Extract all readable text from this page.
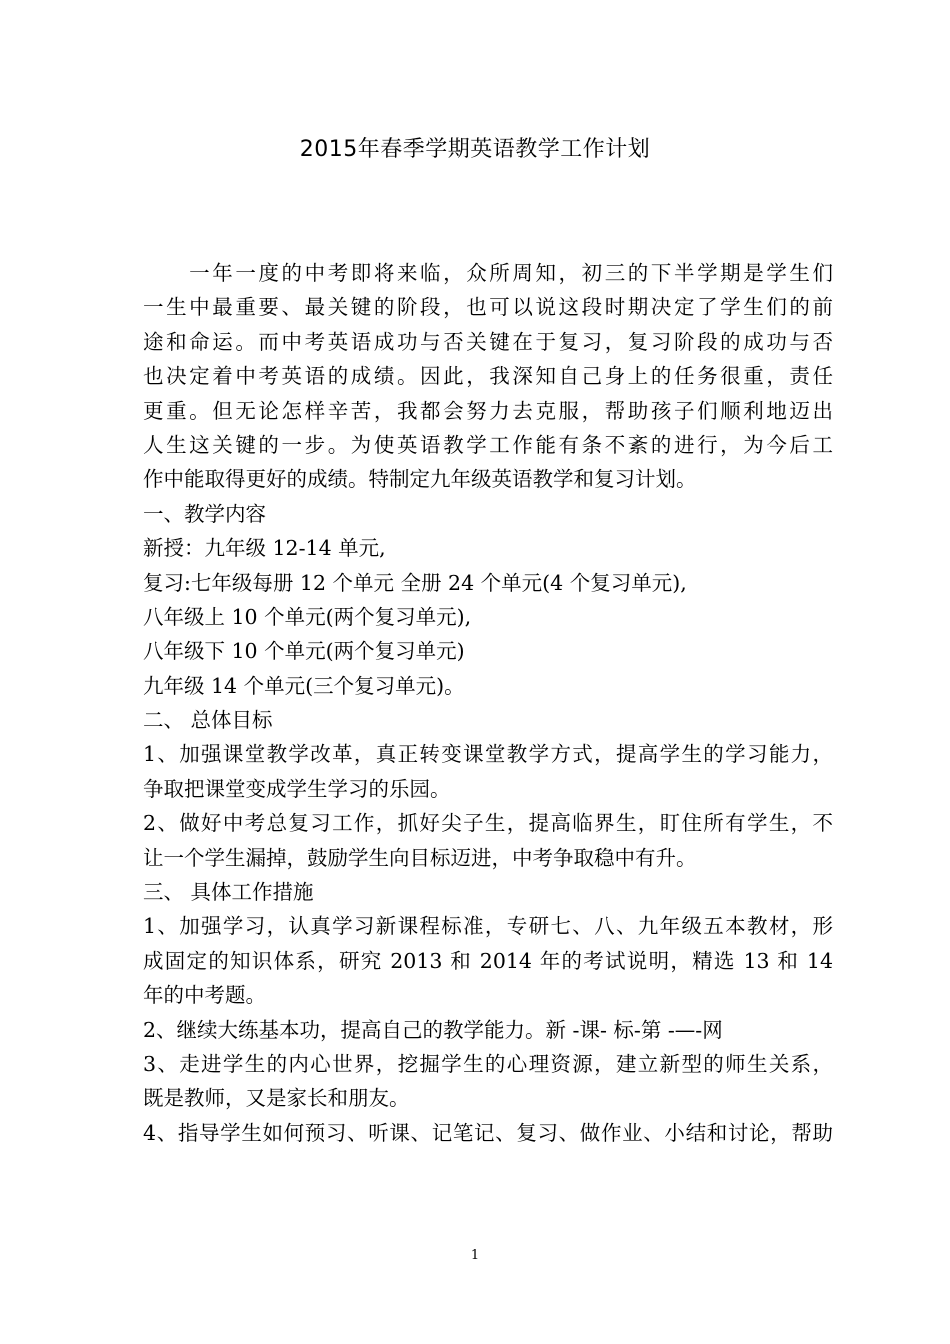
2015年春季学期英语教学工作计划
　　一年一度的中考即将来临，众所周知，初三的下半学期是学生们
一生中最重要、最关键的阶段，也可以说这段时期决定了学生们的前
途和命运。而中考英语成功与否关键在于复习，复习阶段的成功与否
也决定着中考英语的成绩。因此，我深知自己身上的任务很重，责任
更重。但无论怎样辛苦，我都会努力去克服，帮助孩子们顺利地迈出
人生这关键的一步。为使英语教学工作能有条不紊的进行，为今后工
作中能取得更好的成绩。特制定九年级英语教学和复习计划。
一、教学内容
新授：九年级 12-14 单元,
复习:七年级每册 12 个单元 全册 24 个单元(4 个复习单元),
八年级上 10 个单元(两个复习单元),
八年级下 10 个单元(两个复习单元)
九年级 14 个单元(三个复习单元)。
二、 总体目标
1、加强课堂教学改革，真正转变课堂教学方式，提高学生的学习能力，
争取把课堂变成学生学习的乐园。
2、做好中考总复习工作，抓好尖子生，提高临界生，盯住所有学生，不
让一个学生漏掉，鼓励学生向目标迈进，中考争取稳中有升。
三、 具体工作措施
1、加强学习，认真学习新课程标准，专研七、八、九年级五本教材，形
成固定的知识体系，研究 2013 和 2014 年的考试说明，精选 13 和 14
年的中考题。
2、继续大练基本功，提高自己的教学能力。新 -课- 标-第 -—-网
3、走进学生的内心世界，挖掘学生的心理资源，建立新型的师生关系，
既是教师，又是家长和朋友。
4、指导学生如何预习、听课、记笔记、复习、做作业、小结和讨论，帮助
1
